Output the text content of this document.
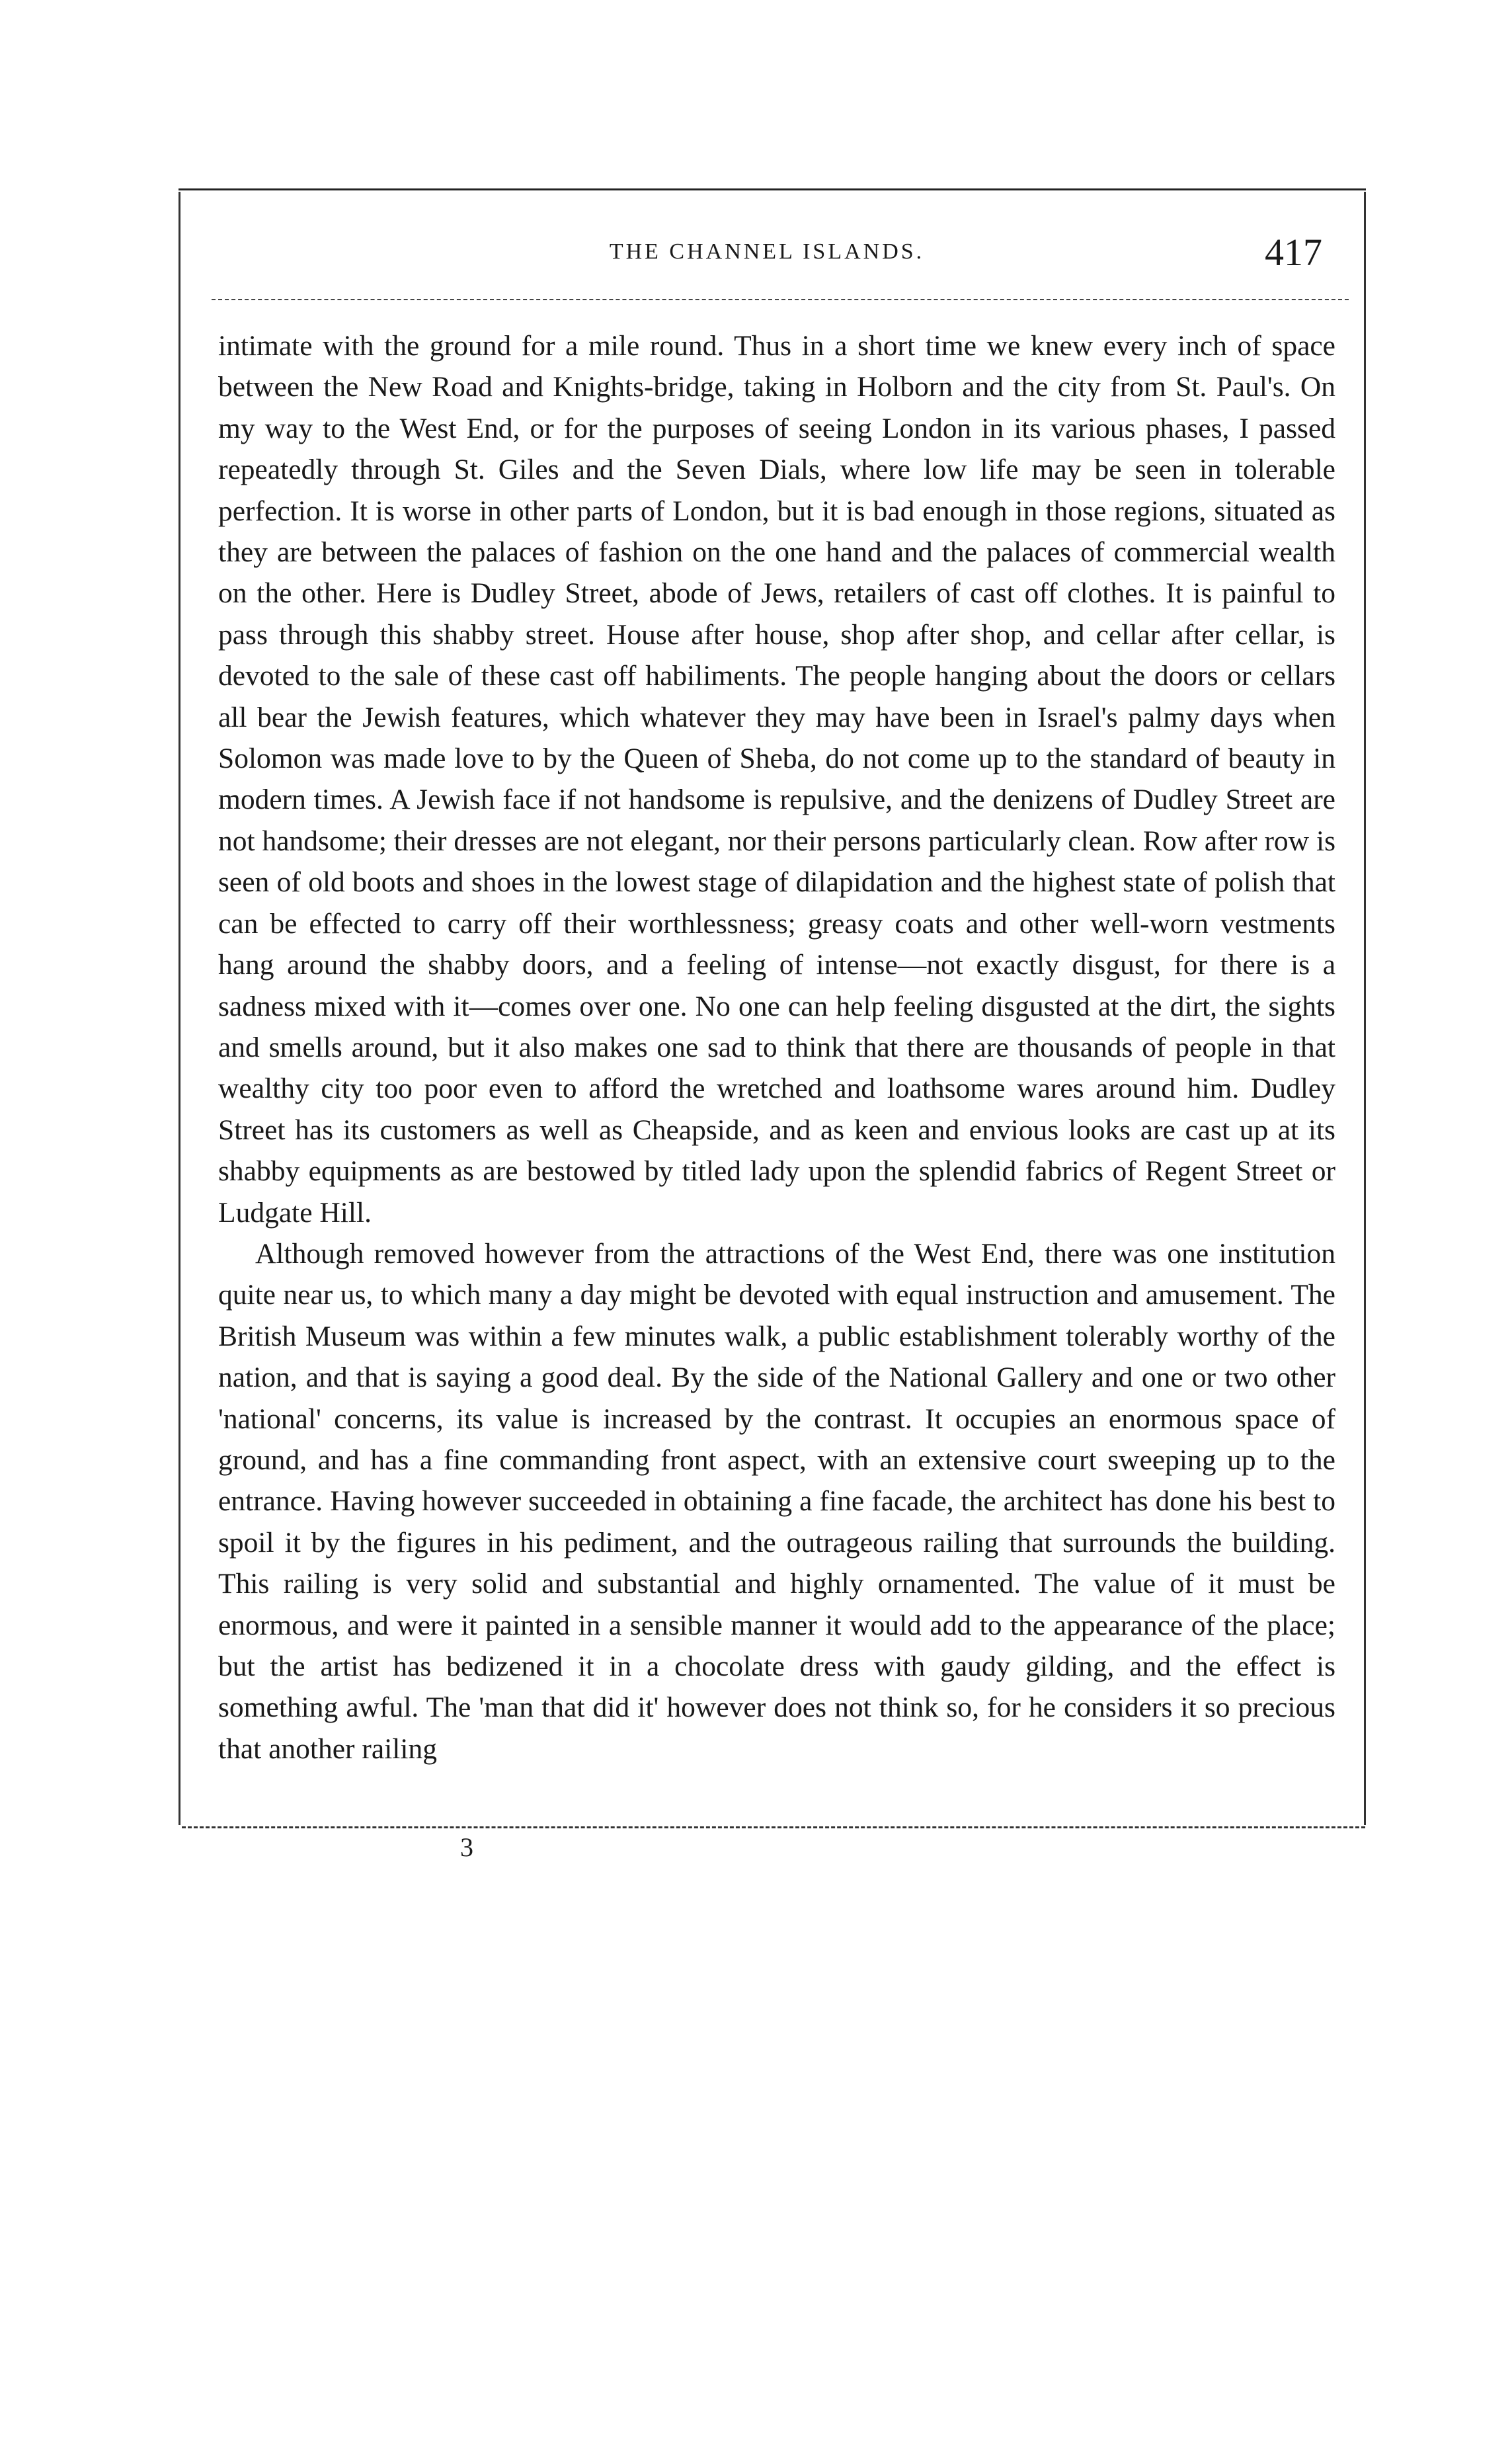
THE CHANNEL ISLANDS.	417

intimate with the ground for a mile round. Thus in a short time we knew every inch of space between the New Road and Knights-bridge, taking in Holborn and the city from St. Paul's. On my way to the West End, or for the purposes of seeing London in its various phases, I passed repeatedly through St. Giles and the Seven Dials, where low life may be seen in tolerable perfection. It is worse in other parts of London, but it is bad enough in those regions, situated as they are between the palaces of fashion on the one hand and the palaces of commercial wealth on the other. Here is Dudley Street, abode of Jews, retailers of cast off clothes. It is painful to pass through this shabby street. House after house, shop after shop, and cellar after cellar, is devoted to the sale of these cast off habiliments. The people hanging about the doors or cellars all bear the Jewish features, which whatever they may have been in Israel's palmy days when Solomon was made love to by the Queen of Sheba, do not come up to the standard of beauty in modern times. A Jewish face if not handsome is repulsive, and the denizens of Dudley Street are not handsome; their dresses are not elegant, nor their persons particularly clean. Row after row is seen of old boots and shoes in the lowest stage of dilapidation and the highest state of polish that can be effected to carry off their worthlessness; greasy coats and other well-worn vestments hang around the shabby doors, and a feeling of intense—not exactly disgust, for there is a sadness mixed with it—comes over one. No one can help feeling disgusted at the dirt, the sights and smells around, but it also makes one sad to think that there are thousands of people in that wealthy city too poor even to afford the wretched and loathsome wares around him. Dudley Street has its customers as well as Cheapside, and as keen and envious looks are cast up at its shabby equipments as are bestowed by titled lady upon the splendid fabrics of Regent Street or Ludgate Hill.

Although removed however from the attractions of the West End, there was one institution quite near us, to which many a day might be devoted with equal instruction and amusement. The British Museum was within a few minutes walk, a public establishment tolerably worthy of the nation, and that is saying a good deal. By the side of the National Gallery and one or two other 'national' concerns, its value is increased by the contrast. It occupies an enormous space of ground, and has a fine commanding front aspect, with an extensive court sweeping up to the entrance. Having however succeeded in obtaining a fine facade, the architect has done his best to spoil it by the figures in his pediment, and the outrageous railing that surrounds the building. This railing is very solid and substantial and highly ornamented. The value of it must be enormous, and were it painted in a sensible manner it would add to the appearance of the place; but the artist has bedizened it in a chocolate dress with gaudy gilding, and the effect is something awful. The 'man that did it' however does not think so, for he considers it so precious that another railing

3
